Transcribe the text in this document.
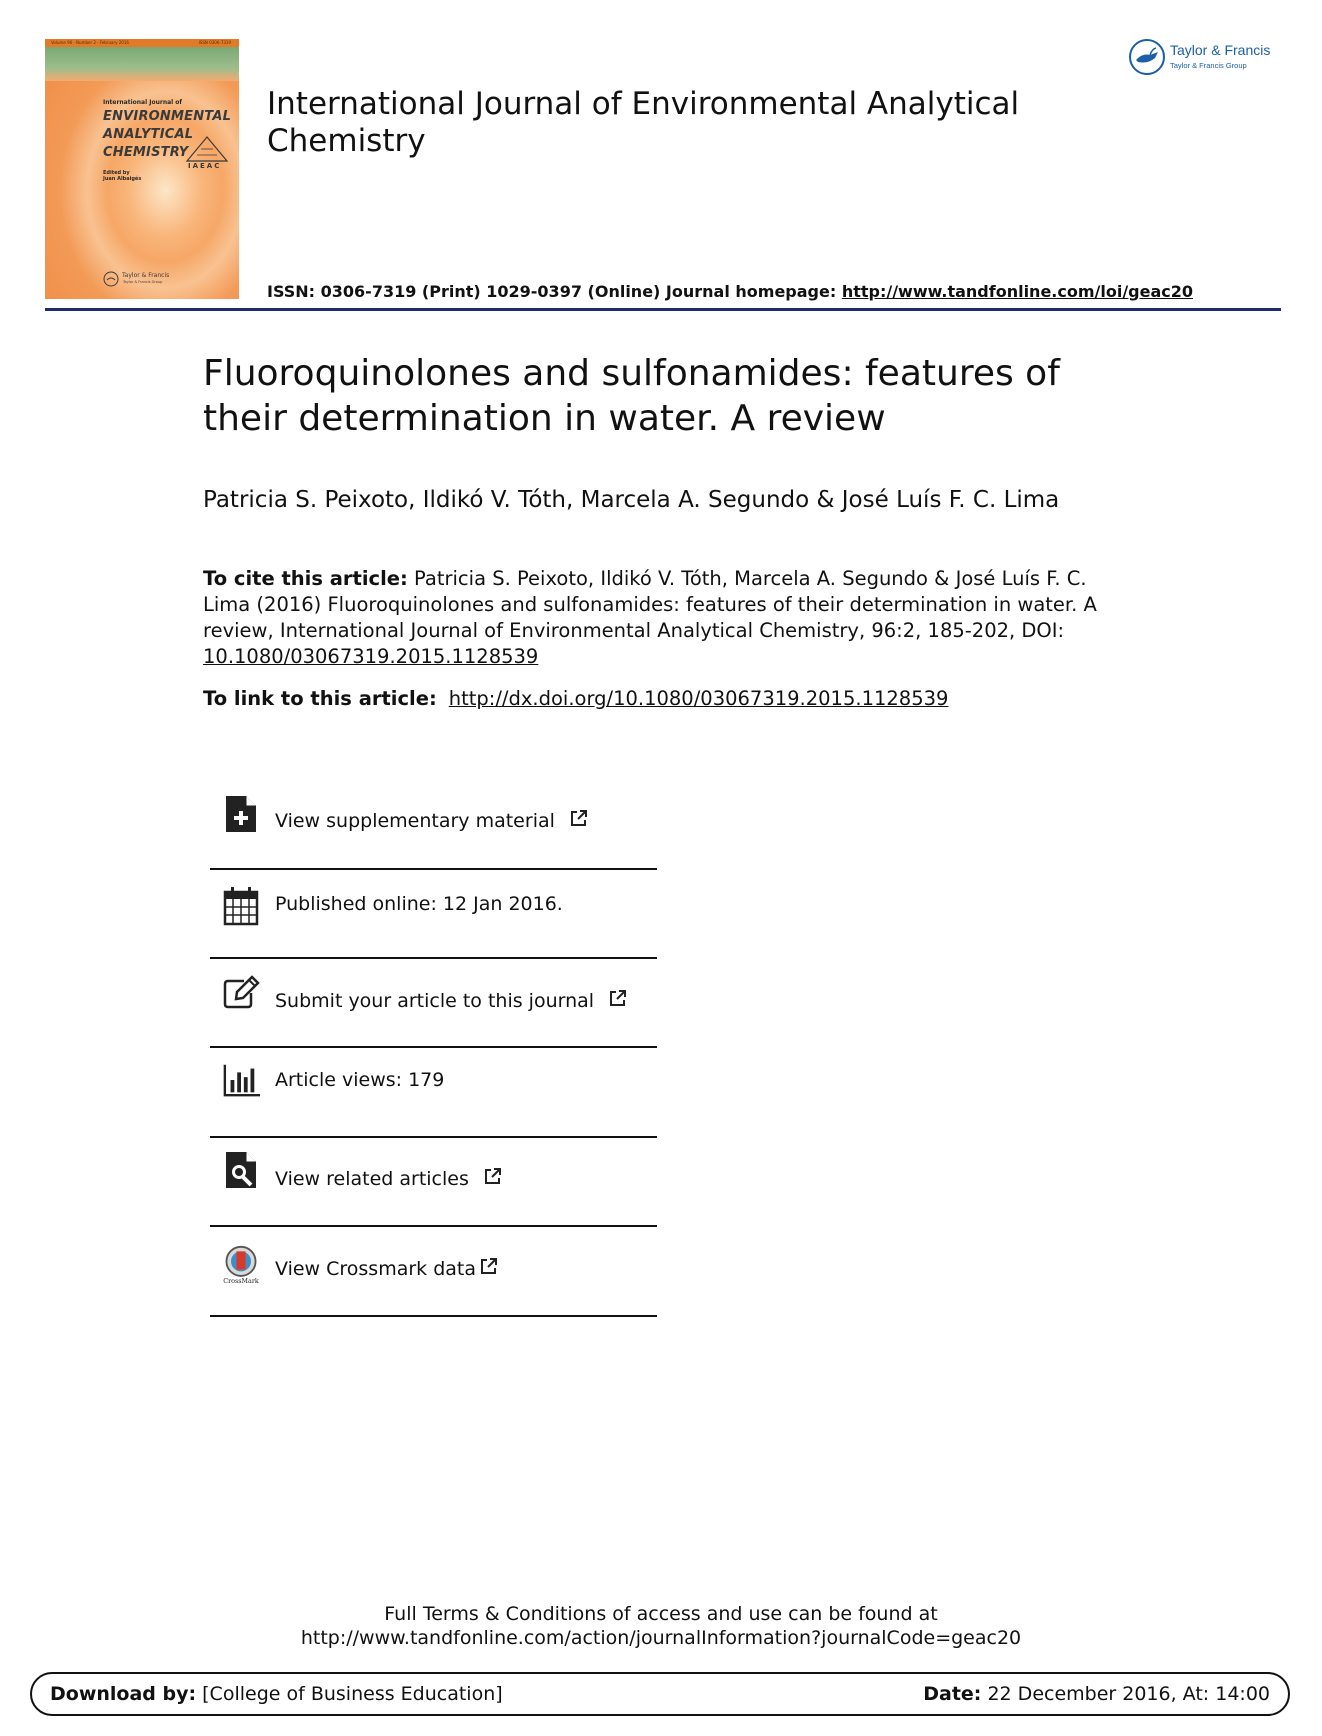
Volume 96 · Number 2 · February 2016	ISSN 0306-7319
International Journal of
ENVIRONMENTAL
ANALYTICAL
CHEMISTRY
IAEAC
Edited by
Juan Albaigés
Taylor & Francis
Taylor & Francis Group
Taylor & Francis
Taylor & Francis Group
International Journal of Environmental Analytical Chemistry
ISSN: 0306-7319 (Print) 1029-0397 (Online) Journal homepage: http://www.tandfonline.com/loi/geac20
Fluoroquinolones and sulfonamides: features of their determination in water. A review
Patricia S. Peixoto, Ildikó V. Tóth, Marcela A. Segundo & José Luís F. C. Lima
To cite this article: Patricia S. Peixoto, Ildikó V. Tóth, Marcela A. Segundo & José Luís F. C. Lima (2016) Fluoroquinolones and sulfonamides: features of their determination in water. A review, International Journal of Environmental Analytical Chemistry, 96:2, 185-202, DOI: 10.1080/03067319.2015.1128539
To link to this article: http://dx.doi.org/10.1080/03067319.2015.1128539
View supplementary material
Published online: 12 Jan 2016.
Submit your article to this journal
Article views: 179
View related articles
CrossMark
View Crossmark data
Full Terms & Conditions of access and use can be found at
http://www.tandfonline.com/action/journalInformation?journalCode=geac20
Download by: [College of Business Education]	Date: 22 December 2016, At: 14:00
